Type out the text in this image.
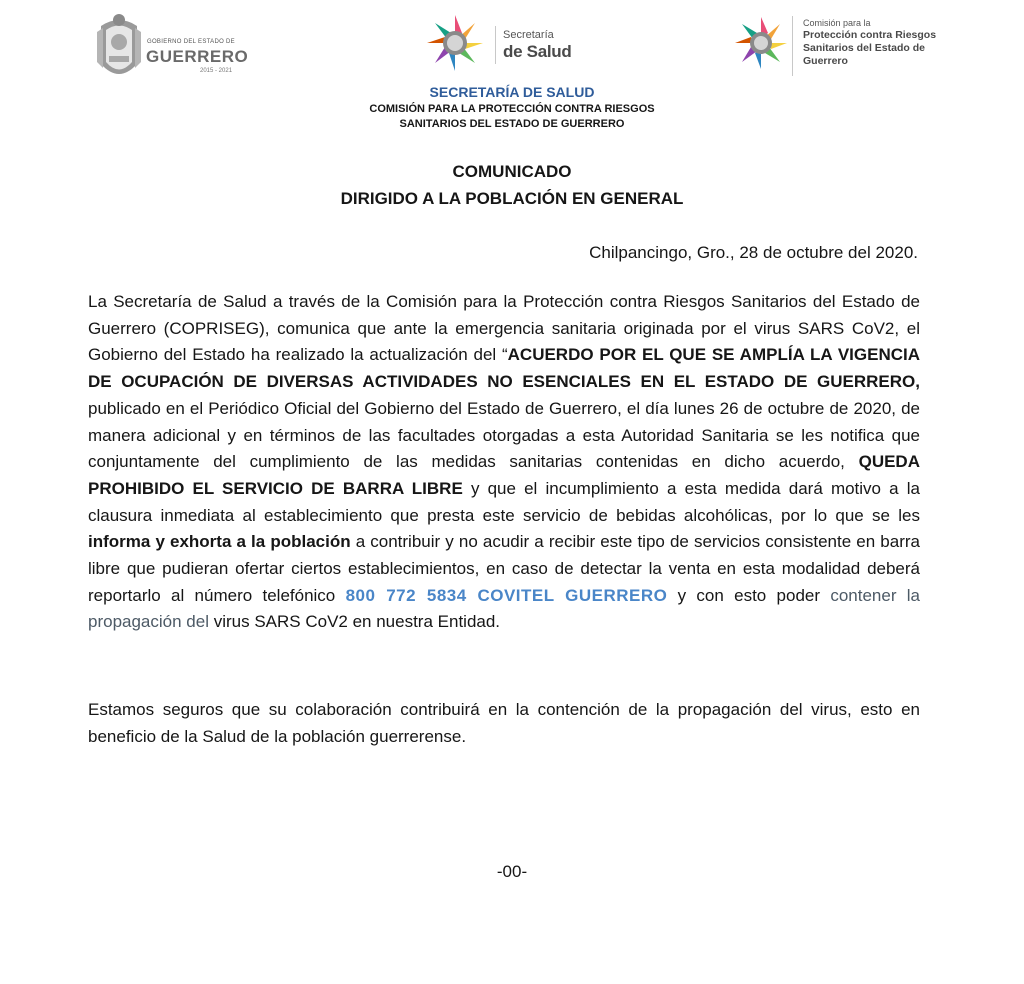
GOBIERNO DEL ESTADO DE
GUERRERO
2015 - 2021
Secretaría
de Salud
Comisión para la
Protección contra Riesgos
Sanitarios del Estado de
Guerrero
SECRETARÍA DE SALUD
COMISIÓN PARA LA PROTECCIÓN CONTRA RIESGOS
SANITARIOS DEL ESTADO DE GUERRERO
COMUNICADO
DIRIGIDO A LA POBLACIÓN EN GENERAL
Chilpancingo, Gro., 28 de octubre del 2020.

La Secretaría de Salud a través de la Comisión para la Protección contra Riesgos Sanitarios del Estado de Guerrero (COPRISEG), comunica que ante la emergencia sanitaria originada por el virus SARS CoV2, el Gobierno del Estado ha realizado la actualización del “ACUERDO POR EL QUE SE AMPLÍA LA VIGENCIA DE OCUPACIÓN DE DIVERSAS ACTIVIDADES NO ESENCIALES EN EL ESTADO DE GUERRERO, publicado en el Periódico Oficial del Gobierno del Estado de Guerrero, el día lunes 26 de octubre de 2020, de manera adicional y en términos de las facultades otorgadas a esta Autoridad Sanitaria se les notifica que conjuntamente del cumplimiento de las medidas sanitarias contenidas en dicho acuerdo, QUEDA PROHIBIDO EL SERVICIO DE BARRA LIBRE y que el incumplimiento a esta medida dará motivo a la clausura inmediata al establecimiento que presta este servicio de bebidas alcohólicas, por lo que se les informa y exhorta a la población a contribuir y no acudir a recibir este tipo de servicios consistente en barra libre que pudieran ofertar ciertos establecimientos, en caso de detectar la venta en esta modalidad deberá reportarlo al número telefónico 800 772 5834 COVITEL GUERRERO y con esto poder contener la propagación del virus SARS CoV2 en nuestra Entidad.

Estamos seguros que su colaboración contribuirá en la contención de la propagación del virus, esto en beneficio de la Salud de la población guerrerense.

-00-
